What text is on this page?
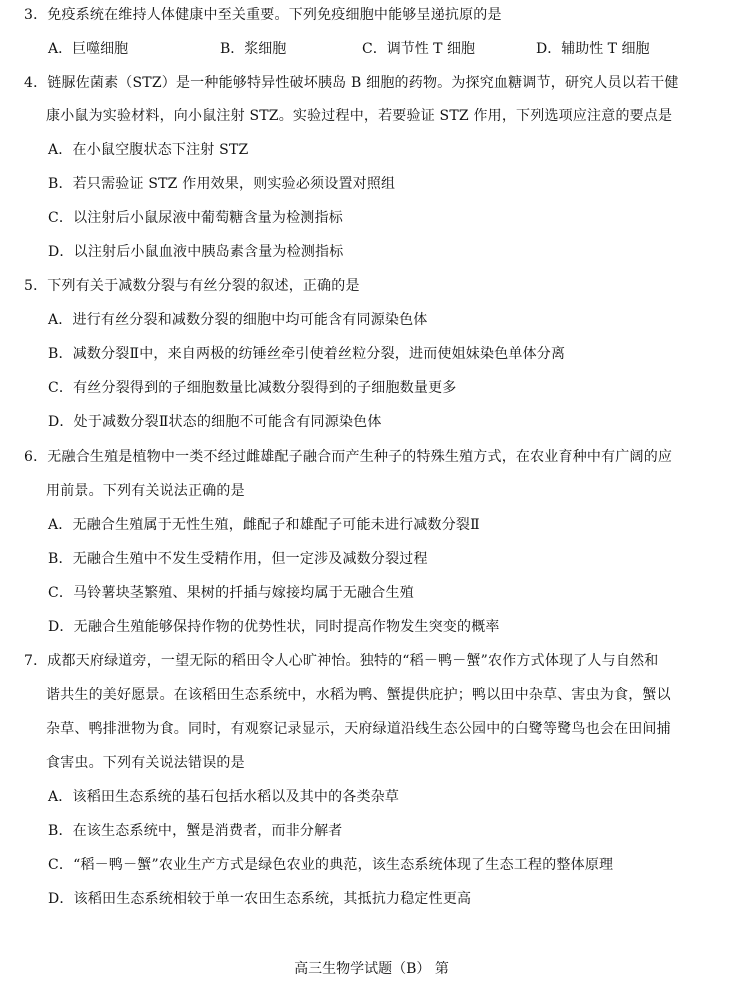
3．免疫系统在维持人体健康中至关重要。下列免疫细胞中能够呈递抗原的是
A．巨噬细胞	B．浆细胞	C．调节性 T 细胞	D．辅助性 T 细胞
4．链脲佐菌素（STZ）是一种能够特异性破坏胰岛 B 细胞的药物。为探究血糖调节，研究人员以若干健
康小鼠为实验材料，向小鼠注射 STZ。实验过程中，若要验证 STZ 作用，下列选项应注意的要点是
A．在小鼠空腹状态下注射 STZ
B．若只需验证 STZ 作用效果，则实验必须设置对照组
C．以注射后小鼠尿液中葡萄糖含量为检测指标
D．以注射后小鼠血液中胰岛素含量为检测指标
5．下列有关于减数分裂与有丝分裂的叙述，正确的是
A．进行有丝分裂和减数分裂的细胞中均可能含有同源染色体
B．减数分裂Ⅱ中，来自两极的纺锤丝牵引使着丝粒分裂，进而使姐妹染色单体分离
C．有丝分裂得到的子细胞数量比减数分裂得到的子细胞数量更多
D．处于减数分裂Ⅱ状态的细胞不可能含有同源染色体
6．无融合生殖是植物中一类不经过雌雄配子融合而产生种子的特殊生殖方式，在农业育种中有广阔的应
用前景。下列有关说法正确的是
A．无融合生殖属于无性生殖，雌配子和雄配子可能未进行减数分裂Ⅱ
B．无融合生殖中不发生受精作用，但一定涉及减数分裂过程
C．马铃薯块茎繁殖、果树的扦插与嫁接均属于无融合生殖
D．无融合生殖能够保持作物的优势性状，同时提高作物发生突变的概率
7．成都天府绿道旁，一望无际的稻田令人心旷神怡。独特的“稻－鸭－蟹”农作方式体现了人与自然和
谐共生的美好愿景。在该稻田生态系统中，水稻为鸭、蟹提供庇护；鸭以田中杂草、害虫为食，蟹以
杂草、鸭排泄物为食。同时，有观察记录显示，天府绿道沿线生态公园中的白鹭等鹭鸟也会在田间捕
食害虫。下列有关说法错误的是
A．该稻田生态系统的基石包括水稻以及其中的各类杂草
B．在该生态系统中，蟹是消费者，而非分解者
C．“稻－鸭－蟹”农业生产方式是绿色农业的典范，该生态系统体现了生态工程的整体原理
D．该稻田生态系统相较于单一农田生态系统，其抵抗力稳定性更高
高三生物学试题（B） 第
